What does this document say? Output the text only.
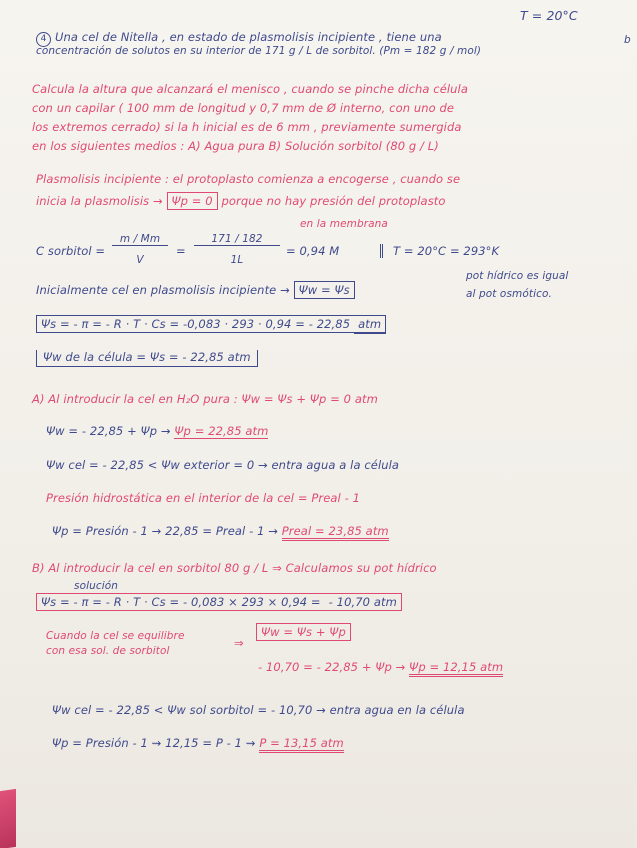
T = 20°C
4 Una cel de Nitella , en estado de plasmolisis incipiente , tiene una
concentración de solutos en su interior de 171 g / L de sorbitol. (Pm = 182 g / mol)
b
Calcula la altura que alcanzará el menisco , cuando se pinche dicha célula
con un capilar ( 100 mm de longitud y 0,7 mm de Ø interno, con uno de
los extremos cerrado) si la h inicial es de 6 mm , previamente sumergida
en los siguientes medios : A) Agua pura B) Solución sorbitol (80 g / L)
Plasmolisis incipiente : el protoplasto comienza a encogerse , cuando se
inicia la plasmolisis → Ψp = 0 porque no hay presión del protoplasto
en la membrana
C sorbitol =
m / Mm
V
=
171 / 182
1L
= 0,94 M	T = 20°C = 293°K
Inicialmente cel en plasmolisis incipiente → Ψw = Ψs
pot hídrico es igual
al pot osmótico.
Ψs = - π = - R · T · Cs = -0,083 · 293 · 0,94 = - 22,85 atm
Ψw de la célula = Ψs = - 22,85 atm
A) Al introducir la cel en H₂O pura : Ψw = Ψs + Ψp = 0 atm
Ψw = - 22,85 + Ψp → Ψp = 22,85 atm
Ψw cel = - 22,85 < Ψw exterior = 0 → entra agua a la célula
Presión hidrostática en el interior de la cel = Preal - 1
Ψp = Presión - 1 → 22,85 = Preal - 1 → Preal = 23,85 atm
B) Al introducir la cel en sorbitol 80 g / L ⇒ Calculamos su pot hídrico
solución
Ψs = - π = - R · T · Cs = - 0,083 × 293 × 0,94 = - 10,70 atm
Cuando la cel se equilibre
con esa sol. de sorbitol
⇒
Ψw = Ψs + Ψp
- 10,70 = - 22,85 + Ψp → Ψp = 12,15 atm
Ψw cel = - 22,85 < Ψw sol sorbitol = - 10,70 → entra agua en la célula
Ψp = Presión - 1 ⇝ 12,15 = P - 1 ⇝ P = 13,15 atm
